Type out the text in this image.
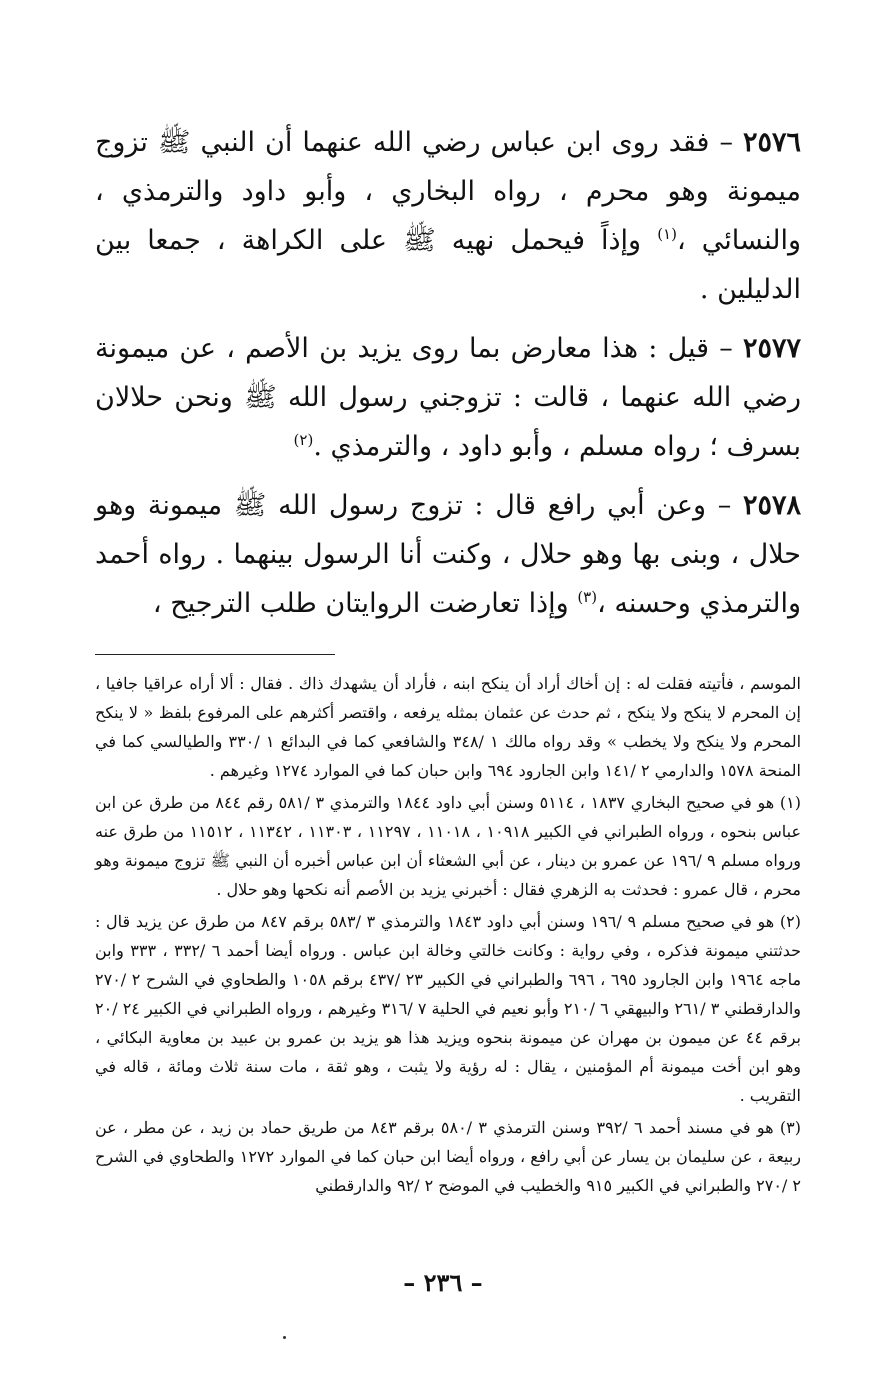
٢٥٧٦ – فقد روى ابن عباس رضي الله عنهما أن النبي ﷺ تزوج ميمونة وهو محرم ، رواه البخاري ، وأبو داود والترمذي ، والنسائي ،$^{(١)}$ وإذاً فيحمل نهيه ﷺ على الكراهة ، جمعا بين الدليلين .

٢٥٧٧ – قيل : هذا معارض بما روى يزيد بن الأصم ، عن ميمونة رضي الله عنهما ، قالت : تزوجني رسول الله ﷺ ونحن حلالان بسرف ؛ رواه مسلم ، وأبو داود ، والترمذي .$^{(٢)}$

٢٥٧٨ – وعن أبي رافع قال : تزوج رسول الله ﷺ ميمونة وهو حلال ، وبنى بها وهو حلال ، وكنت أنا الرسول بينهما . رواه أحمد والترمذي وحسنه ،$^{(٣)}$ وإذا تعارضت الروايتان طلب الترجيح ،

الموسم ، فأتيته فقلت له : إن أخاك أراد أن ينكح ابنه ، فأراد أن يشهدك ذاك . فقال : ألا أراه عراقيا جافيا ، إن المحرم لا ينكح ولا ينكح ، ثم حدث عن عثمان بمثله يرفعه ، واقتصر أكثرهم على المرفوع بلفظ « لا ينكح المحرم ولا ينكح ولا يخطب » وقد رواه مالك ١ /٣٤٨ والشافعي كما في البدائع ١ /٣٣٠ والطيالسي كما في المنحة ١٥٧٨ والدارمي ٢ /١٤١ وابن الجارود ٦٩٤ وابن حبان كما في الموارد ١٢٧٤ وغيرهم .

(١) هو في صحيح البخاري ١٨٣٧ ، ٥١١٤ وسنن أبي داود ١٨٤٤ والترمذي ٣ /٥٨١ رقم ٨٤٤ من طرق عن ابن عباس بنحوه ، ورواه الطبراني في الكبير ١٠٩١٨ ، ١١٠١٨ ، ١١٢٩٧ ، ١١٣٠٣ ، ١١٣٤٢ ، ١١٥١٢ من طرق عنه ورواه مسلم ٩ /١٩٦ عن عمرو بن دينار ، عن أبي الشعثاء أن ابن عباس أخبره أن النبي ﷺ تزوج ميمونة وهو محرم ، قال عمرو : فحدثت به الزهري فقال : أخبرني يزيد بن الأصم أنه نكحها وهو حلال .

(٢) هو في صحيح مسلم ٩ /١٩٦ وسنن أبي داود ١٨٤٣ والترمذي ٣ /٥٨٣ برقم ٨٤٧ من طرق عن يزيد قال : حدثتني ميمونة فذكره ، وفي رواية : وكانت خالتي وخالة ابن عباس . ورواه أيضا أحمد ٦ /٣٣٢ ، ٣٣٣ وابن ماجه ١٩٦٤ وابن الجارود ٦٩٥ ، ٦٩٦ والطبراني في الكبير ٢٣ /٤٣٧ برقم ١٠٥٨ والطحاوي في الشرح ٢ /٢٧٠ والدارقطني ٣ /٢٦١ والبيهقي ٦ /٢١٠ وأبو نعيم في الحلية ٧ /٣١٦ وغيرهم ، ورواه الطبراني في الكبير ٢٤ /٢٠ برقم ٤٤ عن ميمون بن مهران عن ميمونة بنحوه ويزيد هذا هو يزيد بن عمرو بن عبيد بن معاوية البكائي ، وهو ابن أخت ميمونة أم المؤمنين ، يقال : له رؤية ولا يثبت ، وهو ثقة ، مات سنة ثلاث ومائة ، قاله في التقريب .

(٣) هو في مسند أحمد ٦ /٣٩٢ وسنن الترمذي ٣ /٥٨٠ برقم ٨٤٣ من طريق حماد بن زيد ، عن مطر ، عن ربيعة ، عن سليمان بن يسار عن أبي رافع ، ورواه أيضا ابن حبان كما في الموارد ١٢٧٢ والطحاوي في الشرح ٢ /٢٧٠ والطبراني في الكبير ٩١٥ والخطيب في الموضح ٢ /٩٢ والدارقطني

– ٢٣٦ –
